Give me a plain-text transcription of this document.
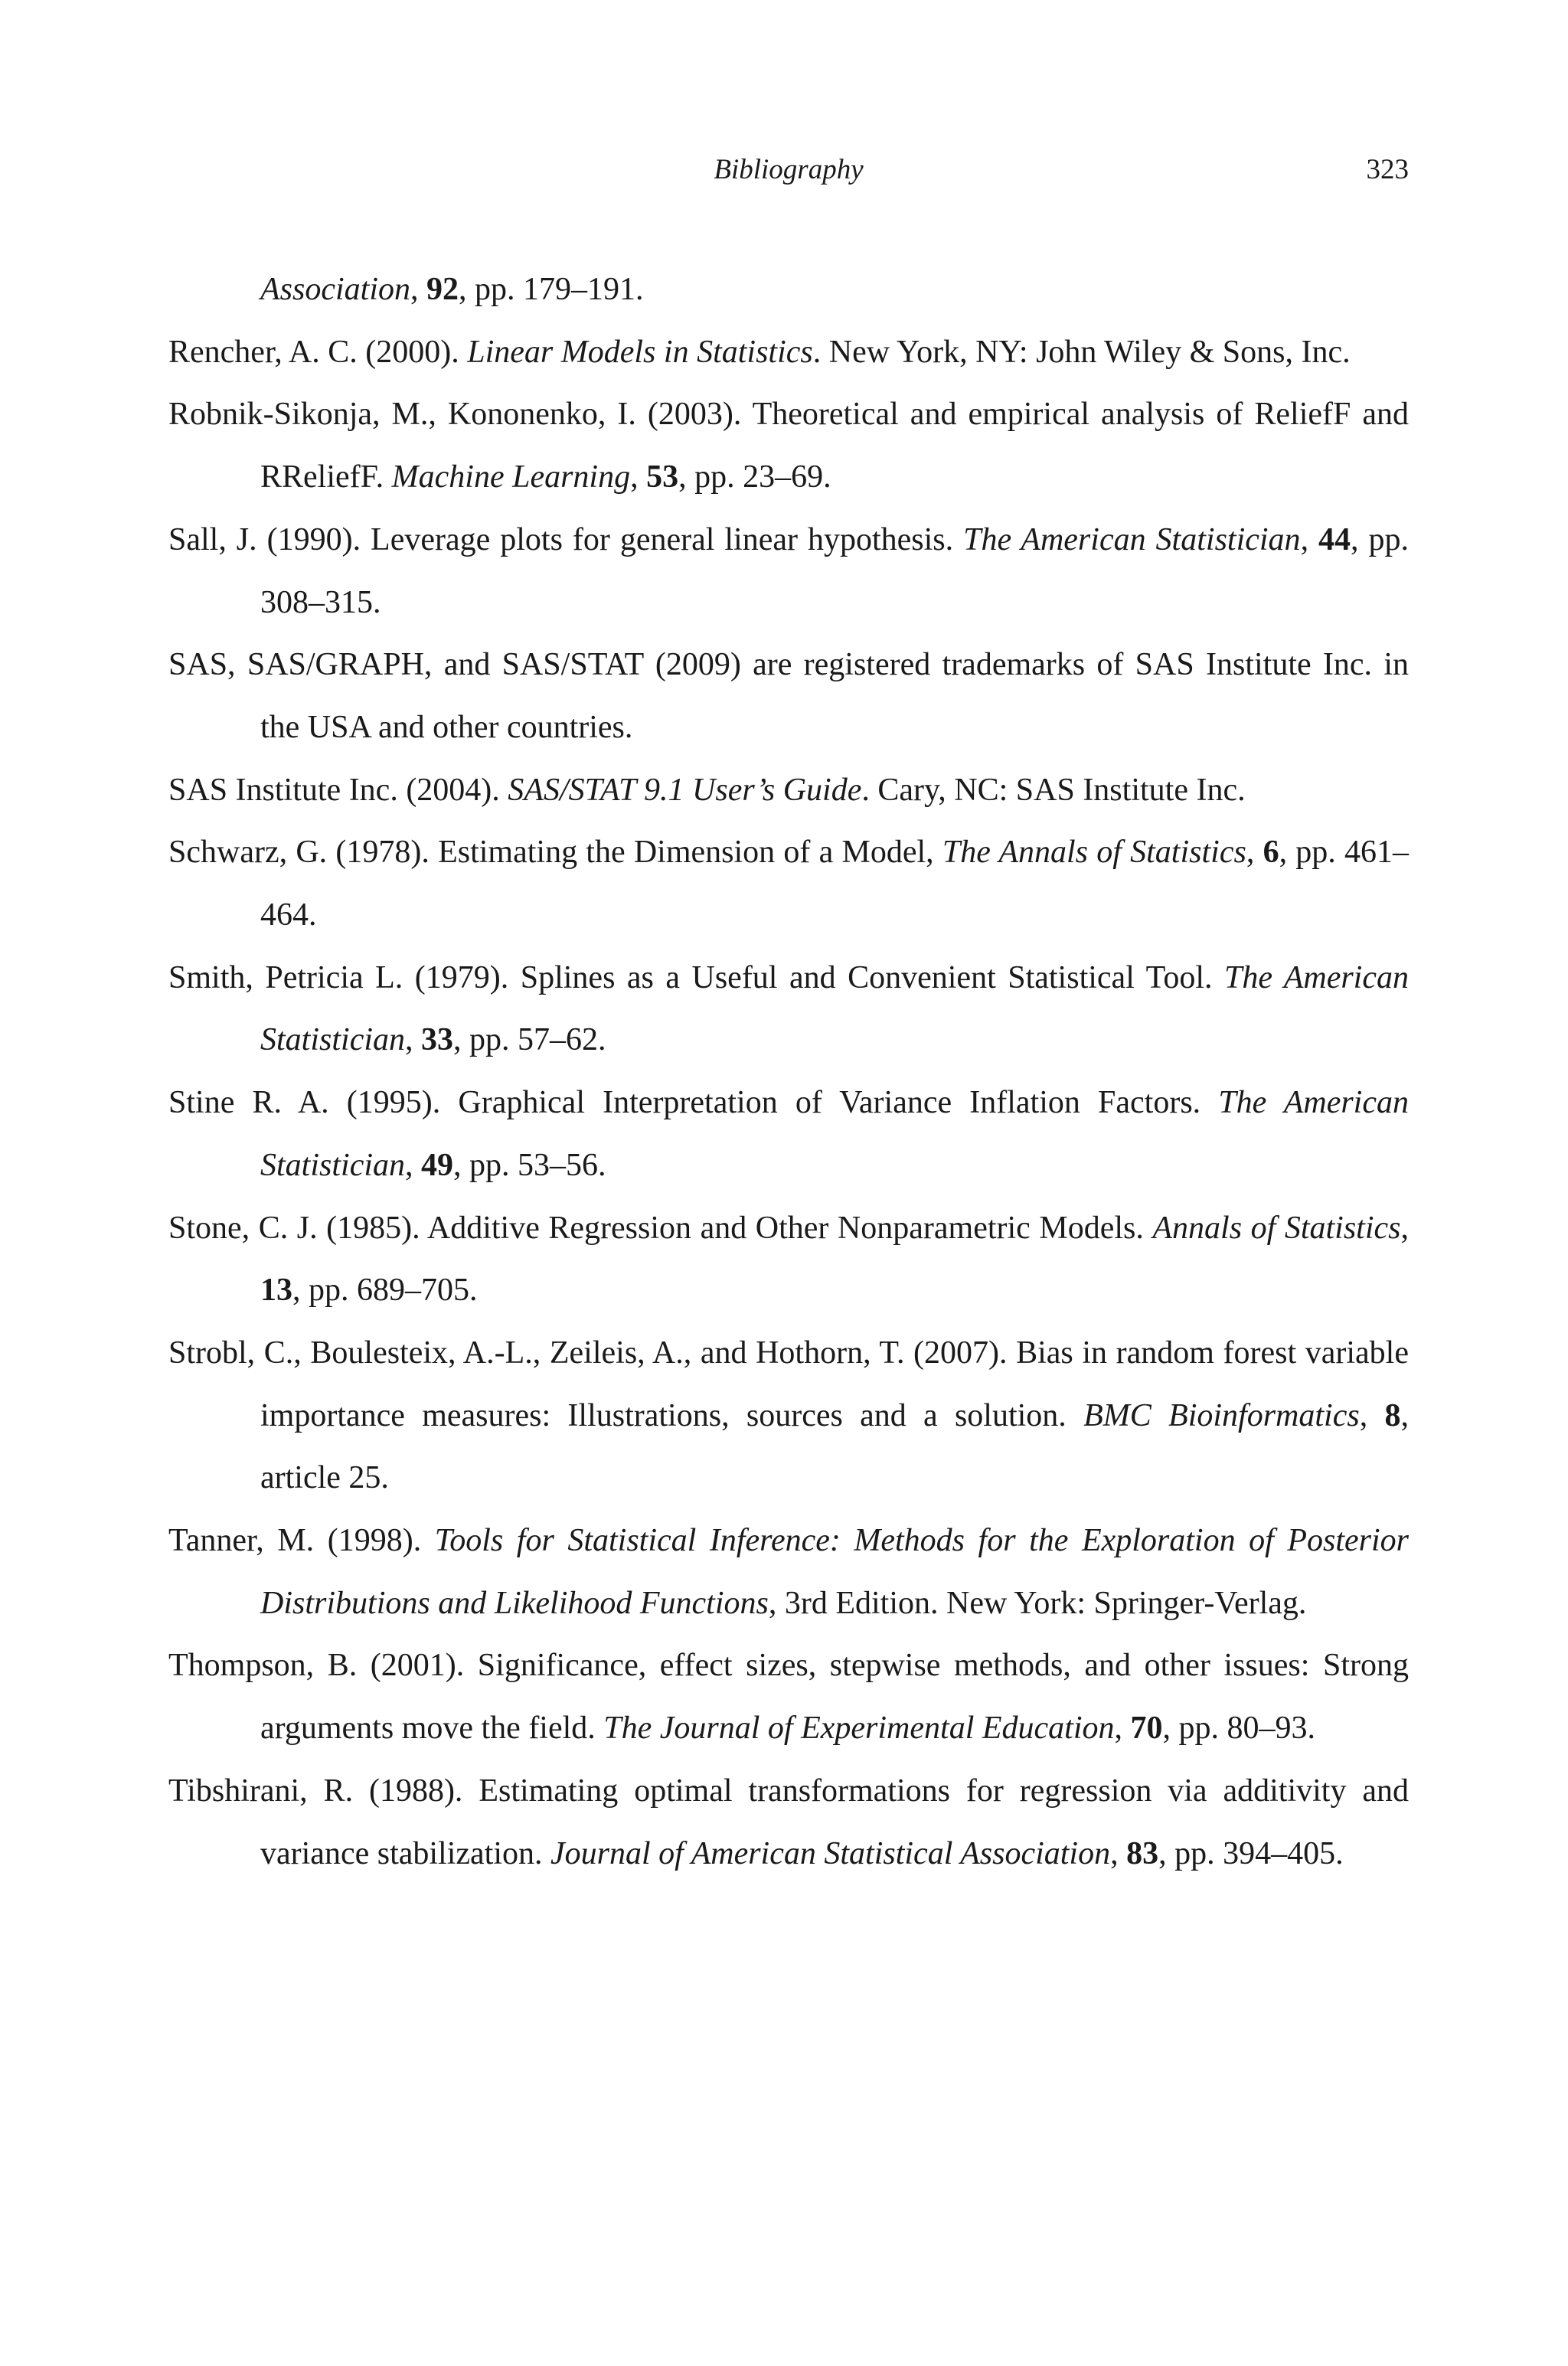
Bibliography	323
Association, 92, pp. 179–191.
Rencher, A. C. (2000). Linear Models in Statistics. New York, NY: John Wiley & Sons, Inc.
Robnik-Sikonja, M., Kononenko, I. (2003). Theoretical and empirical analysis of ReliefF and RReliefF. Machine Learning, 53, pp. 23–69.
Sall, J. (1990). Leverage plots for general linear hypothesis. The American Statistician, 44, pp. 308–315.
SAS, SAS/GRAPH, and SAS/STAT (2009) are registered trademarks of SAS Institute Inc. in the USA and other countries.
SAS Institute Inc. (2004). SAS/STAT 9.1 User’s Guide. Cary, NC: SAS Institute Inc.
Schwarz, G. (1978). Estimating the Dimension of a Model, The Annals of Statistics, 6, pp. 461–464.
Smith, Petricia L. (1979). Splines as a Useful and Convenient Statistical Tool. The American Statistician, 33, pp. 57–62.
Stine R. A. (1995). Graphical Interpretation of Variance Inflation Factors. The American Statistician, 49, pp. 53–56.
Stone, C. J. (1985). Additive Regression and Other Nonparametric Models. Annals of Statistics, 13, pp. 689–705.
Strobl, C., Boulesteix, A.-L., Zeileis, A., and Hothorn, T. (2007). Bias in random forest variable importance measures: Illustrations, sources and a solution. BMC Bioinformatics, 8, article 25.
Tanner, M. (1998). Tools for Statistical Inference: Methods for the Exploration of Posterior Distributions and Likelihood Functions, 3rd Edition. New York: Springer-Verlag.
Thompson, B. (2001). Significance, effect sizes, stepwise methods, and other issues: Strong arguments move the field. The Journal of Experimental Education, 70, pp. 80–93.
Tibshirani, R. (1988). Estimating optimal transformations for regression via additivity and variance stabilization. Journal of American Statistical Association, 83, pp. 394–405.
